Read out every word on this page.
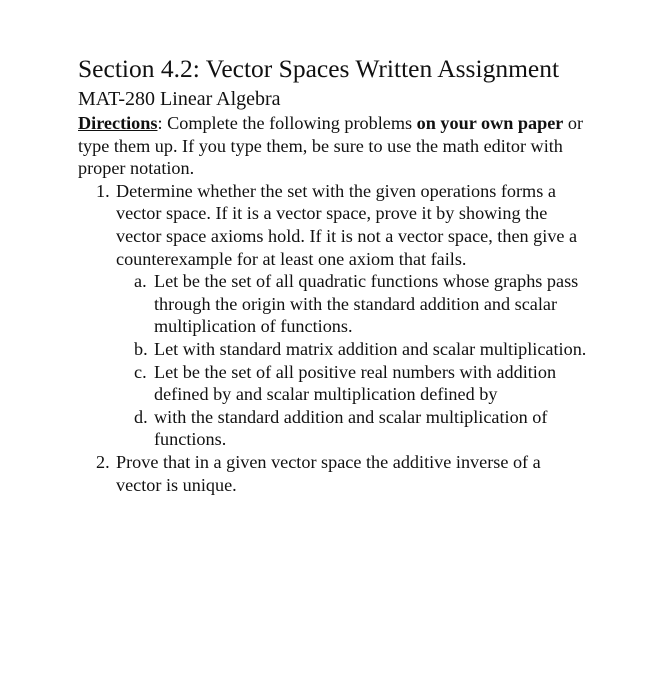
Section 4.2: Vector Spaces Written Assignment
MAT-280 Linear Algebra

Directions: Complete the following problems on your own paper or type them up. If you type them, be sure to use the math editor with proper notation.

1. Determine whether the set with the given operations forms a vector space. If it is a vector space, prove it by showing the vector space axioms hold. If it is not a vector space, then give a counterexample for at least one axiom that fails.
a. Let be the set of all quadratic functions whose graphs pass through the origin with the standard addition and scalar multiplication of functions.
b. Let with standard matrix addition and scalar multiplication.
c. Let be the set of all positive real numbers with addition defined by and scalar multiplication defined by
d. with the standard addition and scalar multiplication of functions.
2. Prove that in a given vector space the additive inverse of a vector is unique.
